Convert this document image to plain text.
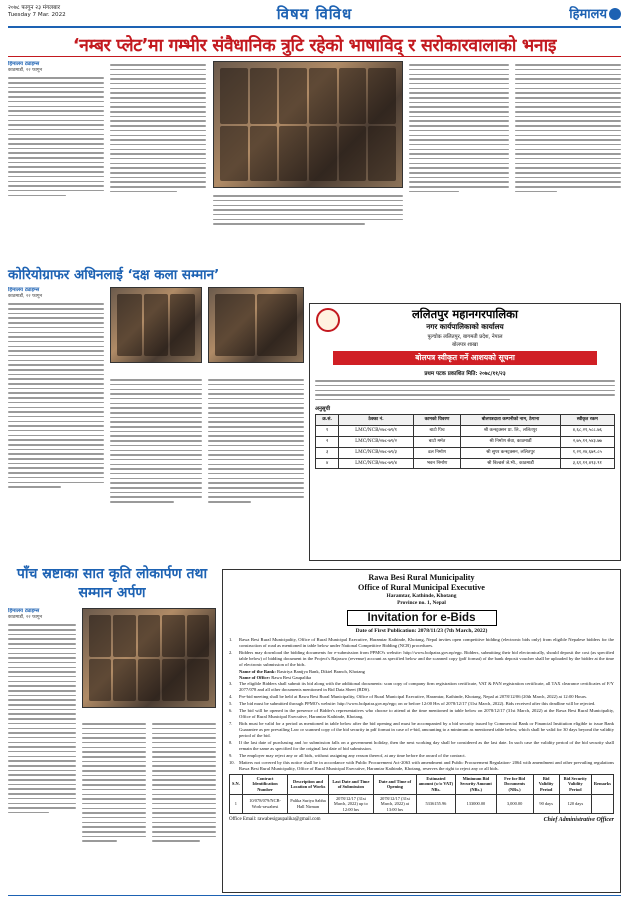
२०७८ फागुन २३ मंगलबार
Tuesday 7 Mar. 2022	विषय विविध	हिमालय
‘नम्बर प्लेट’मा गम्भीर संवैधानिक त्रुटि रहेको भाषाविद् र सरोकारवालाको भनाइ
हिमालय ट्याइम्स
काठमाडौं, २२ फागुन
कोरियोग्राफर अधिनलाई ‘दक्ष कला सम्मान’
हिमालय ट्याइम्स
काठमाडौं, २२ फागुन
ललितपुर महानगरपालिका
नगर कार्यपालिकाको कार्यालय
पुल्चोक ललितपुर, बागमती प्रदेश, नेपाल
बोलपत्र शाखा
बोलपत्र स्वीकृत गर्ने आशयको सूचना
प्रथम पटक प्रकाशित मिति: २०७८/११/२३
अनुसूची
क्र.सं.	ठेक्का नं.	कामको विवरण	बोलपत्रदाता कम्पनीको नाम, ठेगाना	स्वीकृत रकम
१	LMC/NCB/०७८-७९/१	बाटो पिच	श्री कन्स्ट्रक्सन प्रा. लि., ललितपुर	४,६८,२१,५८८.७६
२	LMC/NCB/०७८-७९/२	बाटो मर्मत	श्री निर्माण सेवा, काठमाडौं	२,७५,१२,५४३.७७
३	LMC/NCB/०७८-७९/३	ढल निर्माण	श्री सुपर कन्स्ट्रक्सन, ललितपुर	१,२१,२४,६७९.८५
४	LMC/NCB/०७८-७९/४	भवन निर्माण	श्री बिल्डर्स जे.भी., काठमाडौं	३,६१,१२,४९३.९१
पाँच स्रष्टाका सात कृति लोकार्पण तथा सम्मान अर्पण
हिमालय ट्याइम्स
काठमाडौं, २२ फागुन
Rawa Besi Rural Municipality
Office of Rural Municipal Executive
Haramtar, Kathinde, Khotang
Province no. 1, Nepal
Invitation for e-Bids
Date of First Publication: 2078/11/23 (7th March, 2022)
1.	Rawa Besi Rural Municipality, Office of Rural Municipal Executive, Haramtar Kathinde, Khotang, Nepal invites open competitive bidding (electronic bids only) from eligible Nepalese bidders for the construction of road as mentioned in table below under National Competitive Bidding (NCB) procedures.
2.	Bidders may download the bidding documents for e-submission from PPMO's website: http://www.bolpatra.gov.np/egp. Bidders, submitting their bid electronically, should deposit the cost (as specified table below) of bidding document in the Project's Rajaswo (revenue) account as specified below and the scanned copy (pdf format) of the bank deposit voucher shall be uploaded by the bidder at the time of electronic submission of the bids.
Name of the Bank: Rastriya Banijya Bank, Diktel Branch, Khotang
Name of Office: Rawa Besi Gaupalika
3.	The eligible Bidders shall submit its bid along with the additional documents: scan copy of company firm registration certificate, VAT & PAN registration certificate, all TAX clearance certificates of F/Y 2077/078 and all other documents mentioned in Bid Data Sheet (BDS).
4.	Pre-bid meeting shall be held at Rawa Besi Rural Municipality, Office of Rural Municipal Executive, Haramtar, Kathinde, Khotang, Nepal at 2078/12/06 (20th March, 2022) at 12:00 Hours.
5.	The bid must be submitted through PPMO's website: http://www.bolpatra.gov.np/egp; on or before 12:00 Hrs of 2078/12/17 (31st March, 2022). Bids received after this deadline will be rejected.
6.	The bid will be opened in the presence of Bidder's representatives who choose to attend at the time mentioned in table below on 2078/12/17 (31st March, 2022) at the Rawa Besi Rural Municipality, Office of Rural Municipal Executive, Haramtar Kathinde, Khotang.
7.	Bids must be valid for a period as mentioned in table below after the bid opening and must be accompanied by a bid security issued by Commercial Bank or Financial Institution eligible to issue Bank Guarantee as per prevailing Law or scanned copy of the bid security in pdf format in case of e-bid, amounting to a minimum as mentioned table below, which shall be valid for 30 days beyond the validity period of the bid.
8.	If the last date of purchasing and /or submission falls on a government holiday, then the next working day shall be considered as the last date. In such case the validity period of the bid security shall remain the same as specified for the original last date of bid submission.
9.	The employer may reject any or all bids, without assigning any reason thereof, at any time before the award of the contract.
10. Matters not covered by this notice shall be in accordance with Public Procurement Act-2063 with amendment and Public Procurement Regulation- 2064 with amendment and other prevailing regulations Rawa Besi Rural Municipality, Office of Rural Municipal Executive, Haramtar Kathinde, Khotang, reserves the right to reject any or all bids.
S.N.	Contract Identification Number	Description and Location of Works	Last Date and Time of Submission	Date and Time of Opening	Estimated amount (w/o VAT) NRs.	Minimum Bid Security Amount (NRs.)	Fee for Bid Documents (NRs.)	Bid Validity Period	Bid Security Validity Period	Remarks
1	10/078/079/NCB-Work-rawabesi	Palika Suriya Sabha Hall Nirman	2078/12/17 (31st March, 2022) up to 12:00 hrs	2078/12/17 (31st March, 2022) at 13:00 hrs	5336155.96	133000.00	3,000.00	90 days	120 days	
Office Email: rawabesigaupalika@gmail.com	Chief Administrative Officer
